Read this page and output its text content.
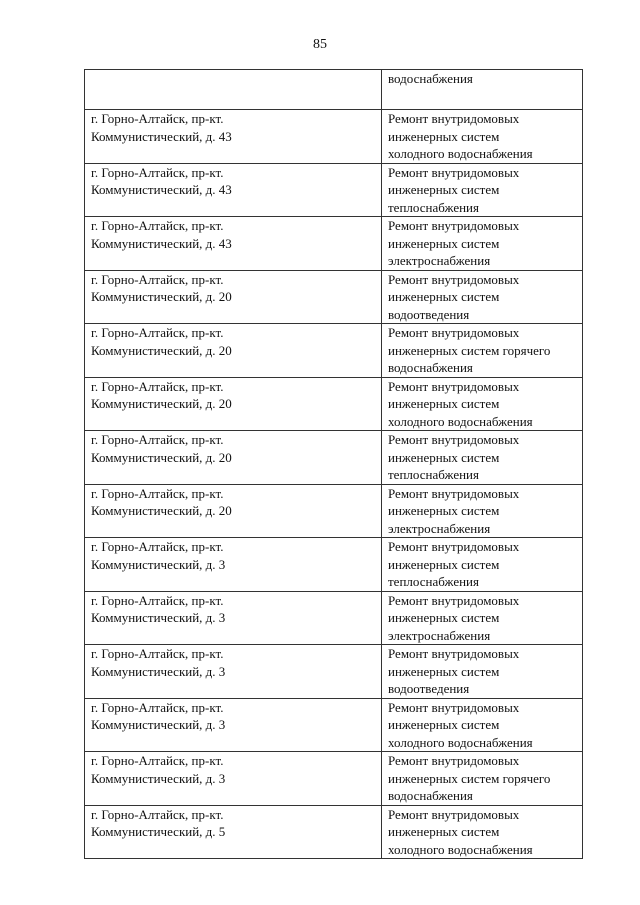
85
	водоснабжения
г. Горно-Алтайск, пр-кт.
Коммунистический, д. 43	Ремонт внутридомовых
инженерных систем
холодного водоснабжения
г. Горно-Алтайск, пр-кт.
Коммунистический, д. 43	Ремонт внутридомовых
инженерных систем
теплоснабжения
г. Горно-Алтайск, пр-кт.
Коммунистический, д. 43	Ремонт внутридомовых
инженерных систем
электроснабжения
г. Горно-Алтайск, пр-кт.
Коммунистический, д. 20	Ремонт внутридомовых
инженерных систем
водоотведения
г. Горно-Алтайск, пр-кт.
Коммунистический, д. 20	Ремонт внутридомовых
инженерных систем горячего
водоснабжения
г. Горно-Алтайск, пр-кт.
Коммунистический, д. 20	Ремонт внутридомовых
инженерных систем
холодного водоснабжения
г. Горно-Алтайск, пр-кт.
Коммунистический, д. 20	Ремонт внутридомовых
инженерных систем
теплоснабжения
г. Горно-Алтайск, пр-кт.
Коммунистический, д. 20	Ремонт внутридомовых
инженерных систем
электроснабжения
г. Горно-Алтайск, пр-кт.
Коммунистический, д. 3	Ремонт внутридомовых
инженерных систем
теплоснабжения
г. Горно-Алтайск, пр-кт.
Коммунистический, д. 3	Ремонт внутридомовых
инженерных систем
электроснабжения
г. Горно-Алтайск, пр-кт.
Коммунистический, д. 3	Ремонт внутридомовых
инженерных систем
водоотведения
г. Горно-Алтайск, пр-кт.
Коммунистический, д. 3	Ремонт внутридомовых
инженерных систем
холодного водоснабжения
г. Горно-Алтайск, пр-кт.
Коммунистический, д. 3	Ремонт внутридомовых
инженерных систем горячего
водоснабжения
г. Горно-Алтайск, пр-кт.
Коммунистический, д. 5	Ремонт внутридомовых
инженерных систем
холодного водоснабжения
